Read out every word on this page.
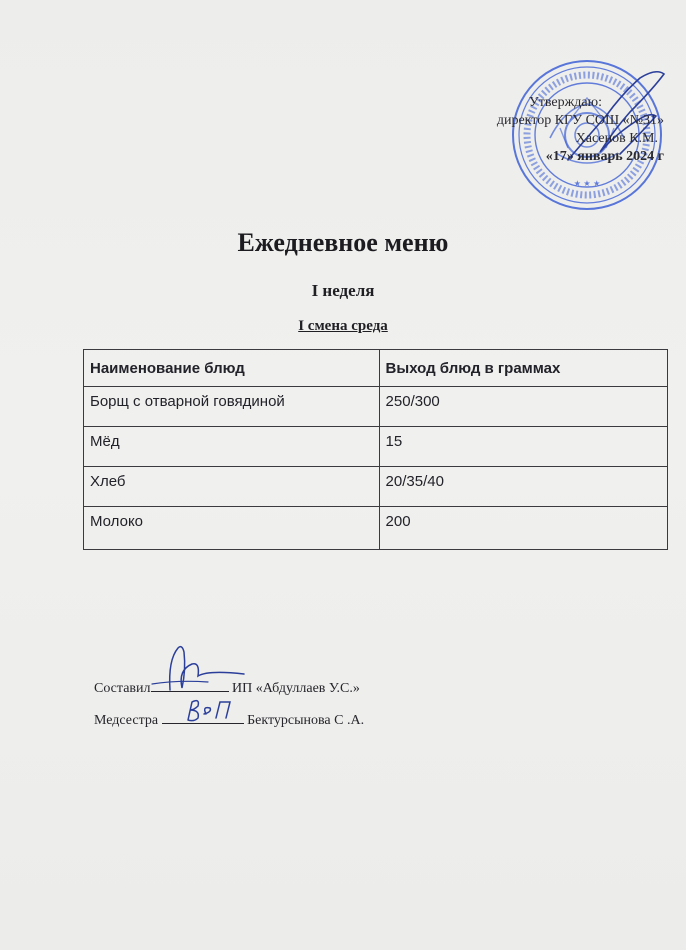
★ ★ ★
Утверждаю:
директор КГУ СОШ «№31»
Хасенов К.М.
«17» январь 2024 г
Ежедневное меню
I неделя
I смена среда
Наименование блюд	Выход блюд в граммах
Борщ с отварной говядиной	250/300
Мёд	15
Хлеб	20/35/40
Молоко	200
Составил	ИП «Абдуллаев У.С.»
Медсестра	Бектурсынова С .А.
